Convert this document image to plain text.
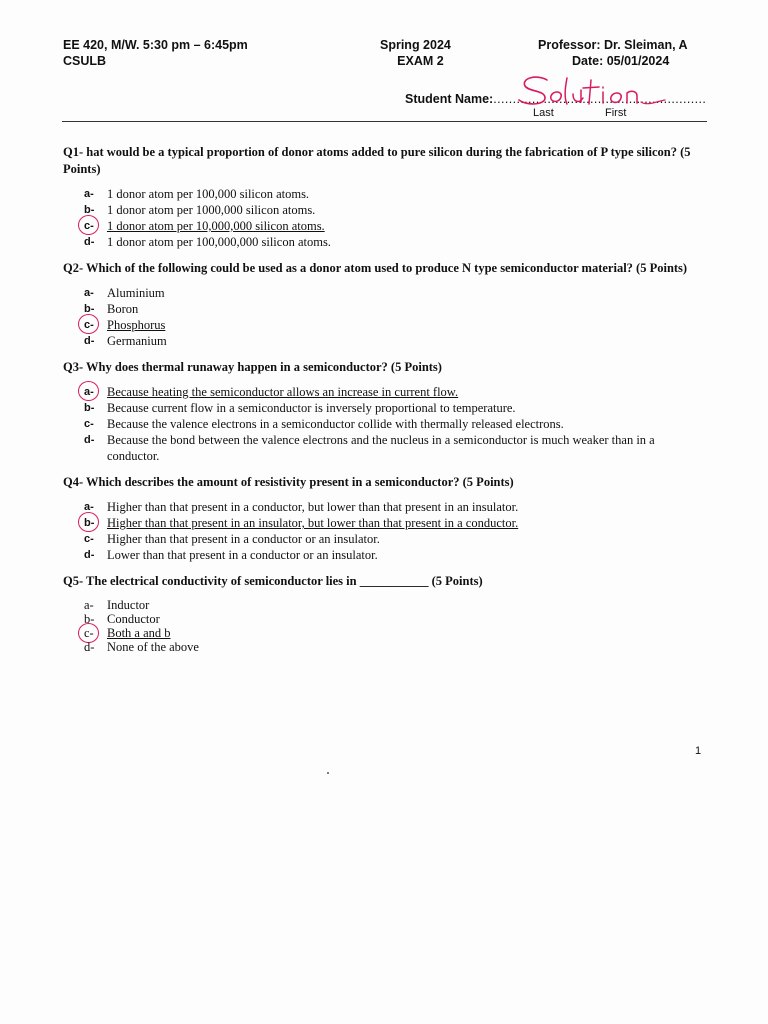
EE 420, M/W. 5:30 pm – 6:45pm
CSULB
Spring 2024
EXAM 2
Professor: Dr. Sleiman, A
Date: 05/01/2024
Student Name:.......................................................
Last	First
Q1- hat would be a typical proportion of donor atoms added to pure silicon during the fabrication of P type silicon? (5 Points)
a- 1 donor atom per 100,000 silicon atoms.
b- 1 donor atom per 1000,000 silicon atoms.
c- 1 donor atom per 10,000,000 silicon atoms.
d- 1 donor atom per 100,000,000 silicon atoms.
Q2- Which of the following could be used as a donor atom used to produce N type semiconductor material? (5 Points)
a- Aluminium
b- Boron
c- Phosphorus
d- Germanium
Q3- Why does thermal runaway happen in a semiconductor? (5 Points)
a- Because heating the semiconductor allows an increase in current flow.
b- Because current flow in a semiconductor is inversely proportional to temperature.
c- Because the valence electrons in a semiconductor collide with thermally released electrons.
d- Because the bond between the valence electrons and the nucleus in a semiconductor is much weaker than in a conductor.
Q4- Which describes the amount of resistivity present in a semiconductor? (5 Points)
a- Higher than that present in a conductor, but lower than that present in an insulator.
b- Higher than that present in an insulator, but lower than that present in a conductor.
c- Higher than that present in a conductor or an insulator.
d- Lower than that present in a conductor or an insulator.
Q5- The electrical conductivity of semiconductor lies in ___________ (5 Points)
a- Inductor
b- Conductor
c- Both a and b
d- None of the above
1
